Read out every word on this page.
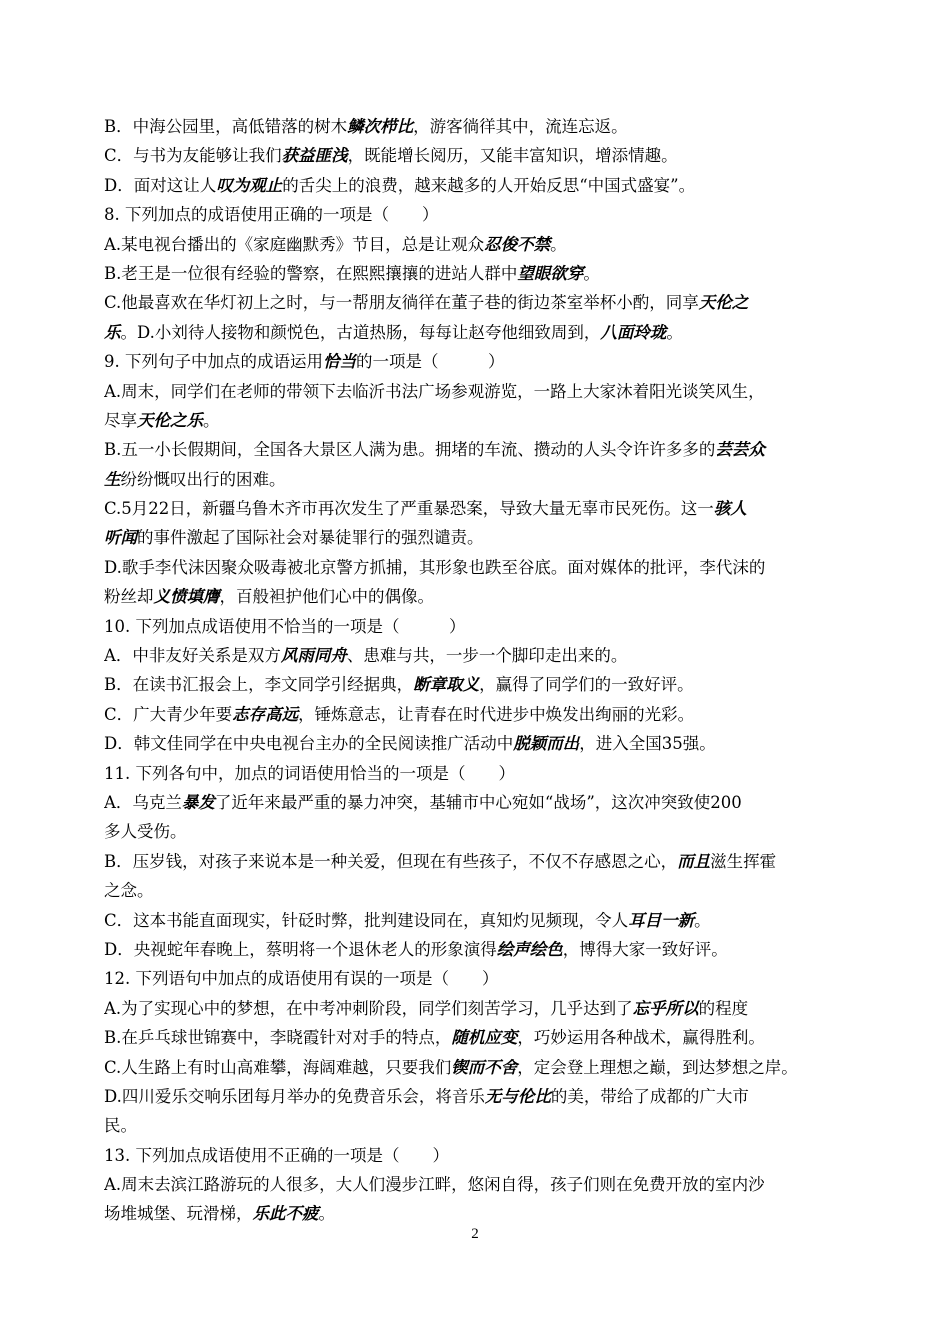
B．中海公园里，高低错落的树木鳞次栉比，游客徜徉其中，流连忘返。
C．与书为友能够让我们获益匪浅，既能增长阅历，又能丰富知识，增添情趣。
D．面对这让人叹为观止的舌尖上的浪费，越来越多的人开始反思“中国式盛宴”。
8. 下列加点的成语使用正确的一项是（　　）
A.某电视台播出的《家庭幽默秀》节目，总是让观众忍俊不禁。
B.老王是一位很有经验的警察，在熙熙攘攘的进站人群中望眼欲穿。
C.他最喜欢在华灯初上之时，与一帮朋友徜徉在董子巷的街边茶室举杯小酌，同享天伦之
乐。D.小刘待人接物和颜悦色，古道热肠，每每让赵夸他细致周到，八面玲珑。
9. 下列句子中加点的成语运用恰当的一项是（　　　）
A.周末，同学们在老师的带领下去临沂书法广场参观游览，一路上大家沐着阳光谈笑风生，
尽享天伦之乐。
B.五一小长假期间，全国各大景区人满为患。拥堵的车流、攒动的人头令许许多多的芸芸众
生纷纷慨叹出行的困难。
C.5月22日，新疆乌鲁木齐市再次发生了严重暴恐案，导致大量无辜市民死伤。这一骇人
听闻的事件激起了国际社会对暴徒罪行的强烈谴责。
D.歌手李代沫因聚众吸毒被北京警方抓捕，其形象也跌至谷底。面对媒体的批评，李代沫的
粉丝却义愤填膺，百般袒护他们心中的偶像。
10. 下列加点成语使用不恰当的一项是（　　　）
A．中非友好关系是双方风雨同舟、患难与共，一步一个脚印走出来的。
B．在读书汇报会上，李文同学引经据典，断章取义，赢得了同学们的一致好评。
C．广大青少年要志存高远，锤炼意志，让青春在时代进步中焕发出绚丽的光彩。
D．韩文佳同学在中央电视台主办的全民阅读推广活动中脱颖而出，进入全国35强。
11. 下列各句中，加点的词语使用恰当的一项是（　　）
A．乌克兰暴发了近年来最严重的暴力冲突，基辅市中心宛如“战场”，这次冲突致使200
多人受伤。
B．压岁钱，对孩子来说本是一种关爱，但现在有些孩子，不仅不存感恩之心，而且滋生挥霍
之念。
C．这本书能直面现实，针砭时弊，批判建设同在，真知灼见频现，令人耳目一新。
D．央视蛇年春晚上，蔡明将一个退休老人的形象演得绘声绘色，博得大家一致好评。
12. 下列语句中加点的成语使用有误的一项是（　　）
A.为了实现心中的梦想，在中考冲刺阶段，同学们刻苦学习，几乎达到了忘乎所以的程度
B.在乒乓球世锦赛中，李晓霞针对对手的特点，随机应变，巧妙运用各种战术，赢得胜利。
C.人生路上有时山高难攀，海阔难越，只要我们锲而不舍，定会登上理想之巅，到达梦想之岸。
D.四川爱乐交响乐团每月举办的免费音乐会，将音乐无与伦比的美，带给了成都的广大市
民。
13. 下列加点成语使用不正确的一项是（　　）
A.周末去滨江路游玩的人很多，大人们漫步江畔，悠闲自得，孩子们则在免费开放的室内沙
场堆城堡、玩滑梯，乐此不疲。
2
